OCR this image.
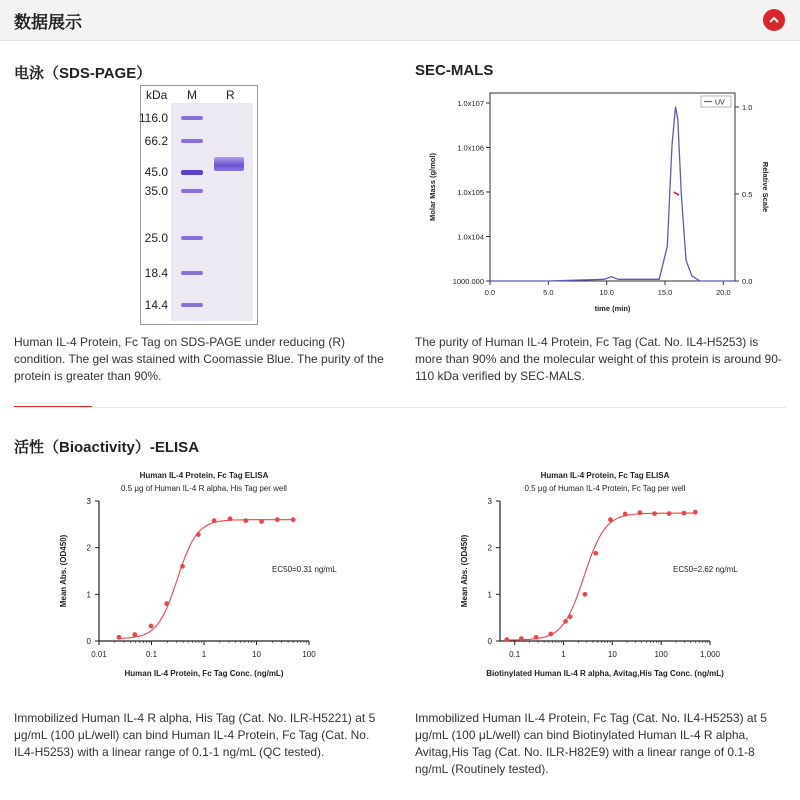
数据展示
电泳（SDS-PAGE）
kDa M R
116.0
66.2
45.0
35.0
25.0
18.4
14.4
Human IL-4 Protein, Fc Tag on SDS-PAGE under reducing (R) condition. The gel was stained with Coomassie Blue. The purity of the protein is greater than 90%.
SEC-MALS
1000.000
1.0x104
1.0x105
1.0x106
1.0x107
0.0
0.5
1.0
0.0	5.0	10.0	15.0	20.0
time (min)
Molar Mass (g/mol)	Relative Scale
UV
The purity of Human IL-4 Protein, Fc Tag (Cat. No. IL4-H5253) is more than 90% and the molecular weight of this protein is around 90-110 kDa verified by SEC-MALS.
活性（Bioactivity）-ELISA
Human IL-4 Protein, Fc Tag ELISA
0.5 μg of Human IL-4 R alpha, His Tag per well
0
1
2
3
0.01	0.1	1	10	100
Human IL-4 Protein, Fc Tag Conc. (ng/mL)
Mean Abs. (OD450)	EC50=0.31 ng/mL
Human IL-4 Protein, Fc Tag ELISA
0.5 μg of Human IL-4 Protein, Fc Tag per well
0
1
2
3
0.1	1	10	100	1,000
Biotinylated Human IL-4 R alpha, Avitag,His Tag Conc. (ng/mL)
Mean Abs. (OD450)	EC50=2.62 ng/mL
Immobilized Human IL-4 R alpha, His Tag (Cat. No. ILR-H5221) at 5 μg/mL (100 μL/well) can bind Human IL-4 Protein, Fc Tag (Cat. No. IL4-H5253) with a linear range of 0.1-1 ng/mL (QC tested).
Immobilized Human IL-4 Protein, Fc Tag (Cat. No. IL4-H5253) at 5 μg/mL (100 μL/well) can bind Biotinylated Human IL-4 R alpha, Avitag,His Tag (Cat. No. ILR-H82E9) with a linear range of 0.1-8 ng/mL (Routinely tested).
